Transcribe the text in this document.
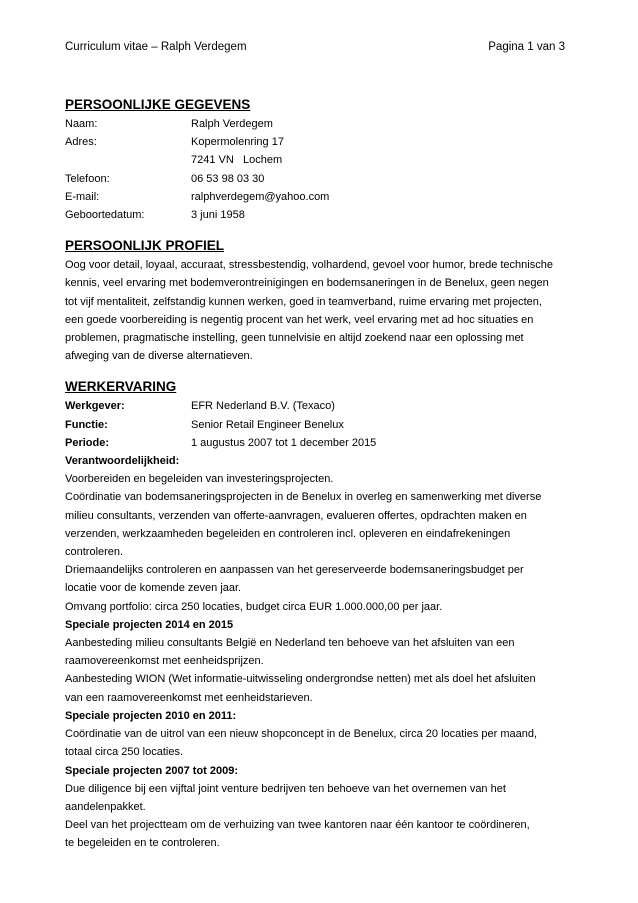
Curriculum vitae – Ralph Verdegem	Pagina 1 van 3
PERSOONLIJKE GEGEVENS
Naam:	Ralph Verdegem
Adres:	Kopermolenring 17
7241 VN   Lochem
Telefoon:	06 53 98 03 30
E-mail:	ralphverdegem@yahoo.com
Geboortedatum:	3 juni 1958
PERSOONLIJK PROFIEL

Oog voor detail, loyaal, accuraat, stressbestendig, volhardend, gevoel voor humor, brede technische

kennis, veel ervaring met bodemverontreinigingen en bodemsaneringen in de Benelux, geen negen

tot vijf mentaliteit, zelfstandig kunnen werken, goed in teamverband, ruime ervaring met projecten,

een goede voorbereiding is negentig procent van het werk, veel ervaring met ad hoc situaties en

problemen, pragmatische instelling, geen tunnelvisie en altijd zoekend naar een oplossing met

afweging van de diverse alternatieven.

WERKERVARING
Werkgever:	EFR Nederland B.V. (Texaco)
Functie:	Senior Retail Engineer Benelux
Periode:	1 augustus 2007 tot 1 december 2015

Verantwoordelijkheid:

Voorbereiden en begeleiden van investeringsprojecten.

Coördinatie van bodemsaneringsprojecten in de Benelux in overleg en samenwerking met diverse

milieu consultants, verzenden van offerte-aanvragen, evalueren offertes, opdrachten maken en

verzenden, werkzaamheden begeleiden en controleren incl. opleveren en eindafrekeningen

controleren.

Driemaandelijks controleren en aanpassen van het gereserveerde bodemsaneringsbudget per

locatie voor de komende zeven jaar.

Omvang portfolio: circa 250 locaties, budget circa EUR 1.000.000,00 per jaar.

Speciale projecten 2014 en 2015

Aanbesteding milieu consultants België en Nederland ten behoeve van het afsluiten van een

raamovereenkomst met eenheidsprijzen.

Aanbesteding WION (Wet informatie-uitwisseling ondergrondse netten) met als doel het afsluiten

van een raamovereenkomst met eenheidstarieven.

Speciale projecten 2010 en 2011:

Coördinatie van de uitrol van een nieuw shopconcept in de Benelux, circa 20 locaties per maand,

totaal circa 250 locaties.

Speciale projecten 2007 tot 2009:

Due diligence bij een vijftal joint venture bedrijven ten behoeve van het overnemen van het

aandelenpakket.

Deel van het projectteam om de verhuizing van twee kantoren naar één kantoor te coördineren,

te begeleiden en te controleren.
